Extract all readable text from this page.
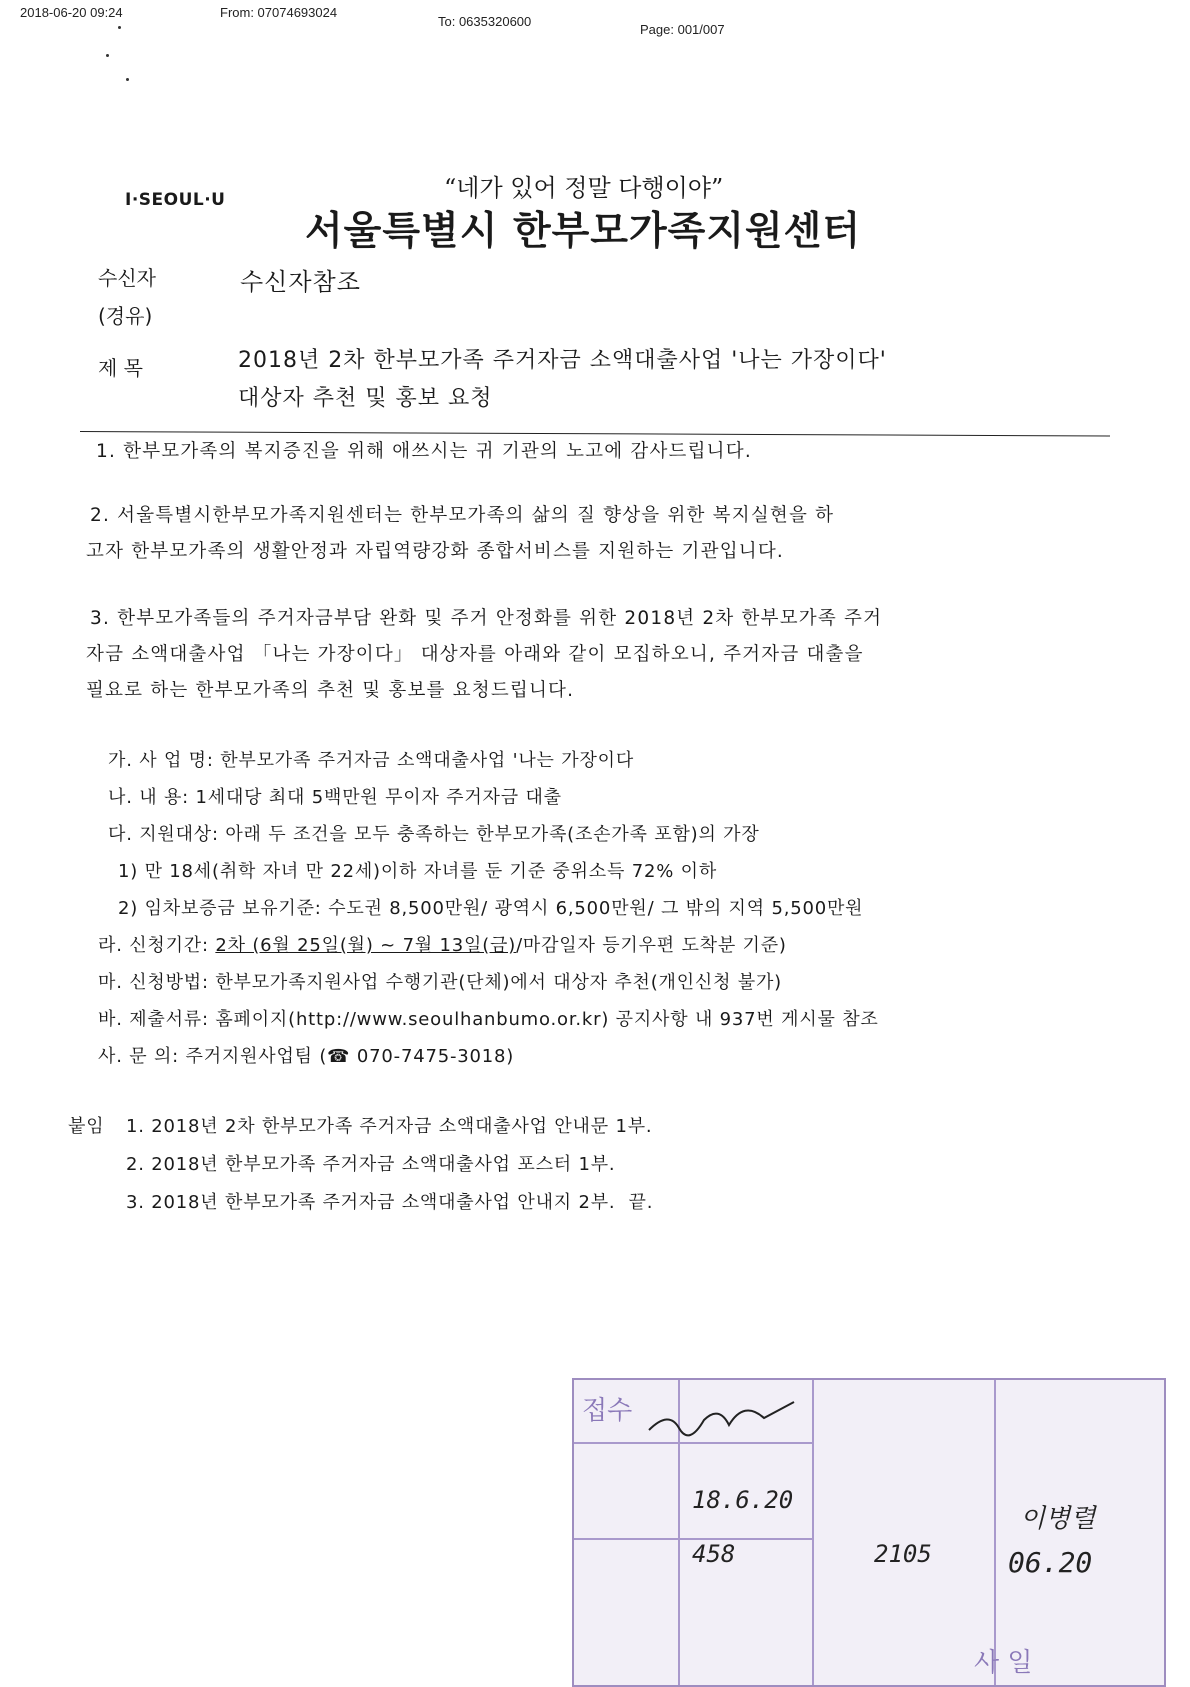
2018-06-20 09:24	From: 07074693024
To: 0635320600
Page: 001/007
“네가 있어 정말 다행이야”
I·SEOUL·U
서울특별시 한부모가족지원센터
수신자	수신자참조
(경유)
제 목	2018년 2차 한부모가족 주거자금 소액대출사업 '나는 가장이다'
대상자 추천 및 홍보 요청
1. 한부모가족의 복지증진을 위해 애쓰시는 귀 기관의 노고에 감사드립니다.
2. 서울특별시한부모가족지원센터는 한부모가족의 삶의 질 향상을 위한 복지실현을 하
고자 한부모가족의 생활안정과 자립역량강화 종합서비스를 지원하는 기관입니다.
3. 한부모가족들의 주거자금부담 완화 및 주거 안정화를 위한 2018년 2차 한부모가족 주거
자금 소액대출사업 「나는 가장이다」 대상자를 아래와 같이 모집하오니, 주거자금 대출을
필요로 하는 한부모가족의 추천 및 홍보를 요청드립니다.
가. 사 업 명: 한부모가족 주거자금 소액대출사업 '나는 가장이다
나. 내 용: 1세대당 최대 5백만원 무이자 주거자금 대출
다. 지원대상: 아래 두 조건을 모두 충족하는 한부모가족(조손가족 포함)의 가장
1) 만 18세(취학 자녀 만 22세)이하 자녀를 둔 기준 중위소득 72% 이하
2) 임차보증금 보유기준: 수도권 8,500만원/ 광역시 6,500만원/ 그 밖의 지역 5,500만원
라. 신청기간: 2차 (6월 25일(월) ~ 7월 13일(금)/마감일자 등기우편 도착분 기준)
마. 신청방법: 한부모가족지원사업 수행기관(단체)에서 대상자 추천(개인신청 불가)
바. 제출서류: 홈페이지(http://www.seoulhanbumo.or.kr) 공지사항 내 937번 게시물 참조
사. 문 의: 주거지원사업팀 (☎ 070-7475-3018)
붙임 1. 2018년 2차 한부모가족 주거자금 소액대출사업 안내문 1부.
2. 2018년 한부모가족 주거자금 소액대출사업 포스터 1부.
3. 2018년 한부모가족 주거자금 소액대출사업 안내지 2부. 끝.
접수
사 일
18.6.20
458	2105
이병렬
06.20
